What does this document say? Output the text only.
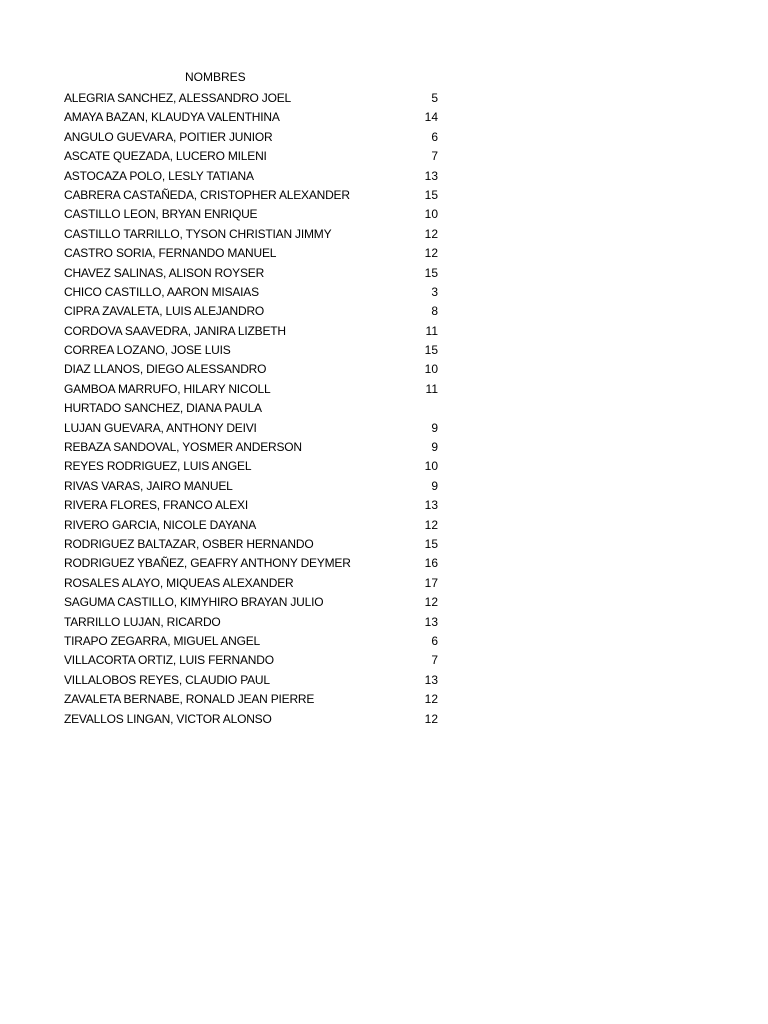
NOMBRES
ALEGRIA SANCHEZ, ALESSANDRO JOEL	5
AMAYA BAZAN, KLAUDYA VALENTHINA	14
ANGULO GUEVARA, POITIER JUNIOR	6
ASCATE QUEZADA, LUCERO MILENI	7
ASTOCAZA POLO, LESLY TATIANA	13
CABRERA CASTAÑEDA, CRISTOPHER ALEXANDER	15
CASTILLO LEON, BRYAN ENRIQUE	10
CASTILLO TARRILLO, TYSON CHRISTIAN JIMMY	12
CASTRO SORIA, FERNANDO MANUEL	12
CHAVEZ SALINAS, ALISON ROYSER	15
CHICO CASTILLO, AARON MISAIAS	3
CIPRA ZAVALETA, LUIS ALEJANDRO	8
CORDOVA SAAVEDRA, JANIRA LIZBETH	11
CORREA LOZANO, JOSE LUIS	15
DIAZ LLANOS, DIEGO ALESSANDRO	10
GAMBOA MARRUFO, HILARY NICOLL	11
HURTADO SANCHEZ, DIANA PAULA
LUJAN GUEVARA, ANTHONY DEIVI	9
REBAZA SANDOVAL, YOSMER ANDERSON	9
REYES RODRIGUEZ, LUIS ANGEL	10
RIVAS VARAS, JAIRO MANUEL	9
RIVERA FLORES, FRANCO ALEXI	13
RIVERO GARCIA, NICOLE DAYANA	12
RODRIGUEZ BALTAZAR, OSBER HERNANDO	15
RODRIGUEZ YBAÑEZ, GEAFRY ANTHONY DEYMER	16
ROSALES ALAYO, MIQUEAS ALEXANDER	17
SAGUMA CASTILLO, KIMYHIRO BRAYAN JULIO	12
TARRILLO LUJAN, RICARDO	13
TIRAPO ZEGARRA, MIGUEL ANGEL	6
VILLACORTA ORTIZ, LUIS FERNANDO	7
VILLALOBOS REYES, CLAUDIO PAUL	13
ZAVALETA BERNABE, RONALD JEAN PIERRE	12
ZEVALLOS LINGAN, VICTOR ALONSO	12
